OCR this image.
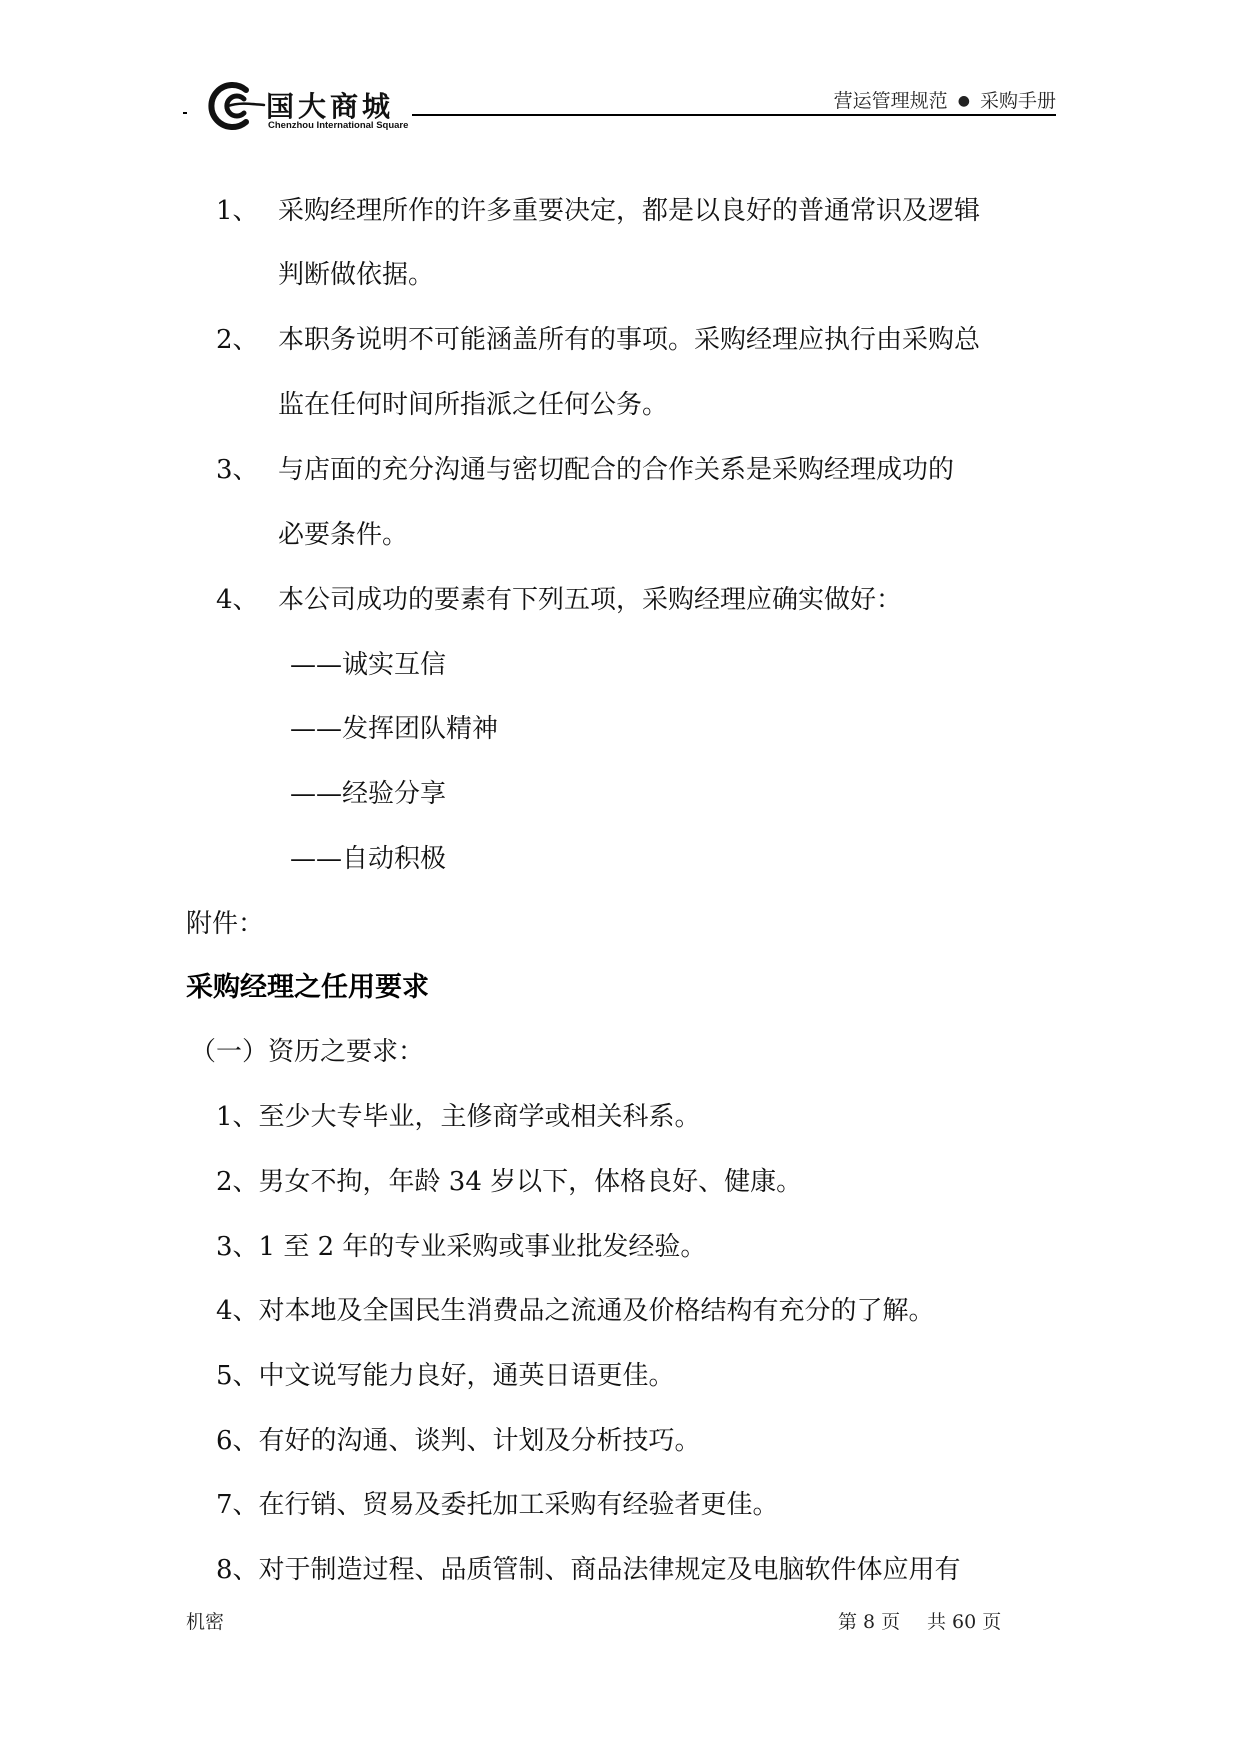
国大商城
Chenzhou International Square
营运管理规范 ● 采购手册
1、 采购经理所作的许多重要决定，都是以良好的普通常识及逻辑
判断做依据。
2、 本职务说明不可能涵盖所有的事项。采购经理应执行由采购总
监在任何时间所指派之任何公务。
3、 与店面的充分沟通与密切配合的合作关系是采购经理成功的
必要条件。
4、 本公司成功的要素有下列五项，采购经理应确实做好：
——诚实互信
——发挥团队精神
——经验分享
——自动积极
附件：
采购经理之任用要求
（一）资历之要求：
1、至少大专毕业，主修商学或相关科系。
2、男女不拘，年龄 34 岁以下，体格良好、健康。
3、1 至 2 年的专业采购或事业批发经验。
4、对本地及全国民生消费品之流通及价格结构有充分的了解。
5、中文说写能力良好，通英日语更佳。
6、有好的沟通、谈判、计划及分析技巧。
7、在行销、贸易及委托加工采购有经验者更佳。
8、对于制造过程、品质管制、商品法律规定及电脑软件体应用有
机密	第 8 页 共 60 页
